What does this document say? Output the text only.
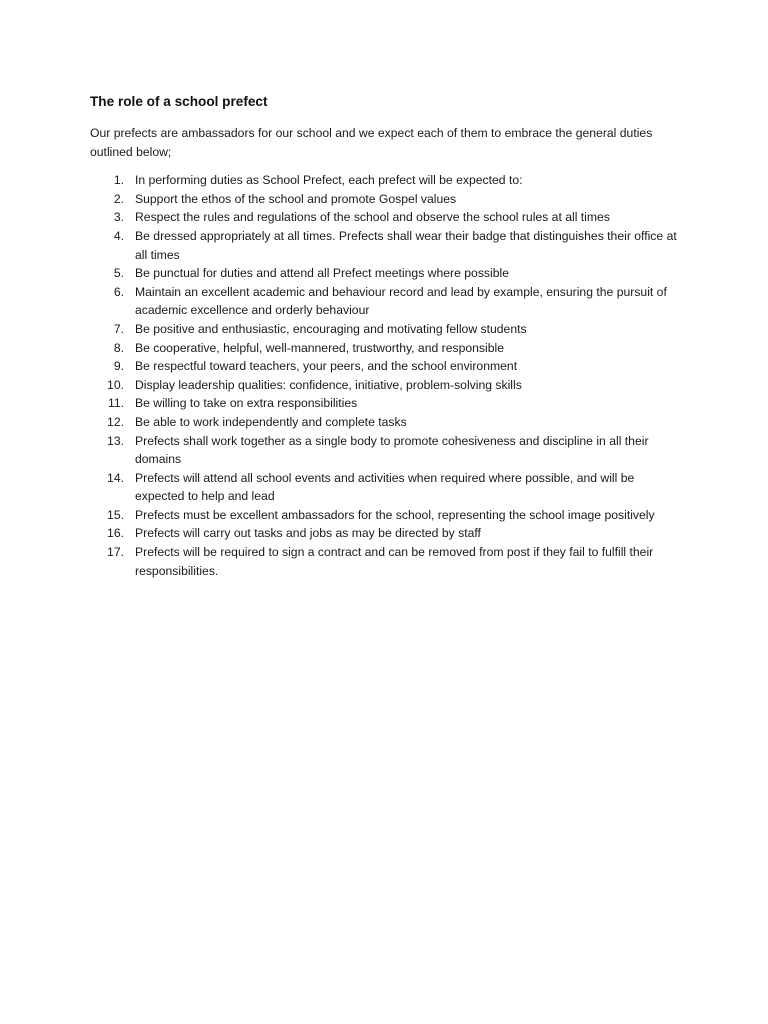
The role of a school prefect

Our prefects are ambassadors for our school and we expect each of them to embrace the general duties outlined below;

1. In performing duties as School Prefect, each prefect will be expected to:
2. Support the ethos of the school and promote Gospel values
3. Respect the rules and regulations of the school and observe the school rules at all times
4. Be dressed appropriately at all times. Prefects shall wear their badge that distinguishes their office at all times
5. Be punctual for duties and attend all Prefect meetings where possible
6. Maintain an excellent academic and behaviour record and lead by example, ensuring the pursuit of academic excellence and orderly behaviour
7. Be positive and enthusiastic, encouraging and motivating fellow students
8. Be cooperative, helpful, well-mannered, trustworthy, and responsible
9. Be respectful toward teachers, your peers, and the school environment
10. Display leadership qualities: confidence, initiative, problem-solving skills
11. Be willing to take on extra responsibilities
12. Be able to work independently and complete tasks
13. Prefects shall work together as a single body to promote cohesiveness and discipline in all their domains
14. Prefects will attend all school events and activities when required where possible, and will be expected to help and lead
15. Prefects must be excellent ambassadors for the school, representing the school image positively
16. Prefects will carry out tasks and jobs as may be directed by staff
17. Prefects will be required to sign a contract and can be removed from post if they fail to fulfill their responsibilities.
